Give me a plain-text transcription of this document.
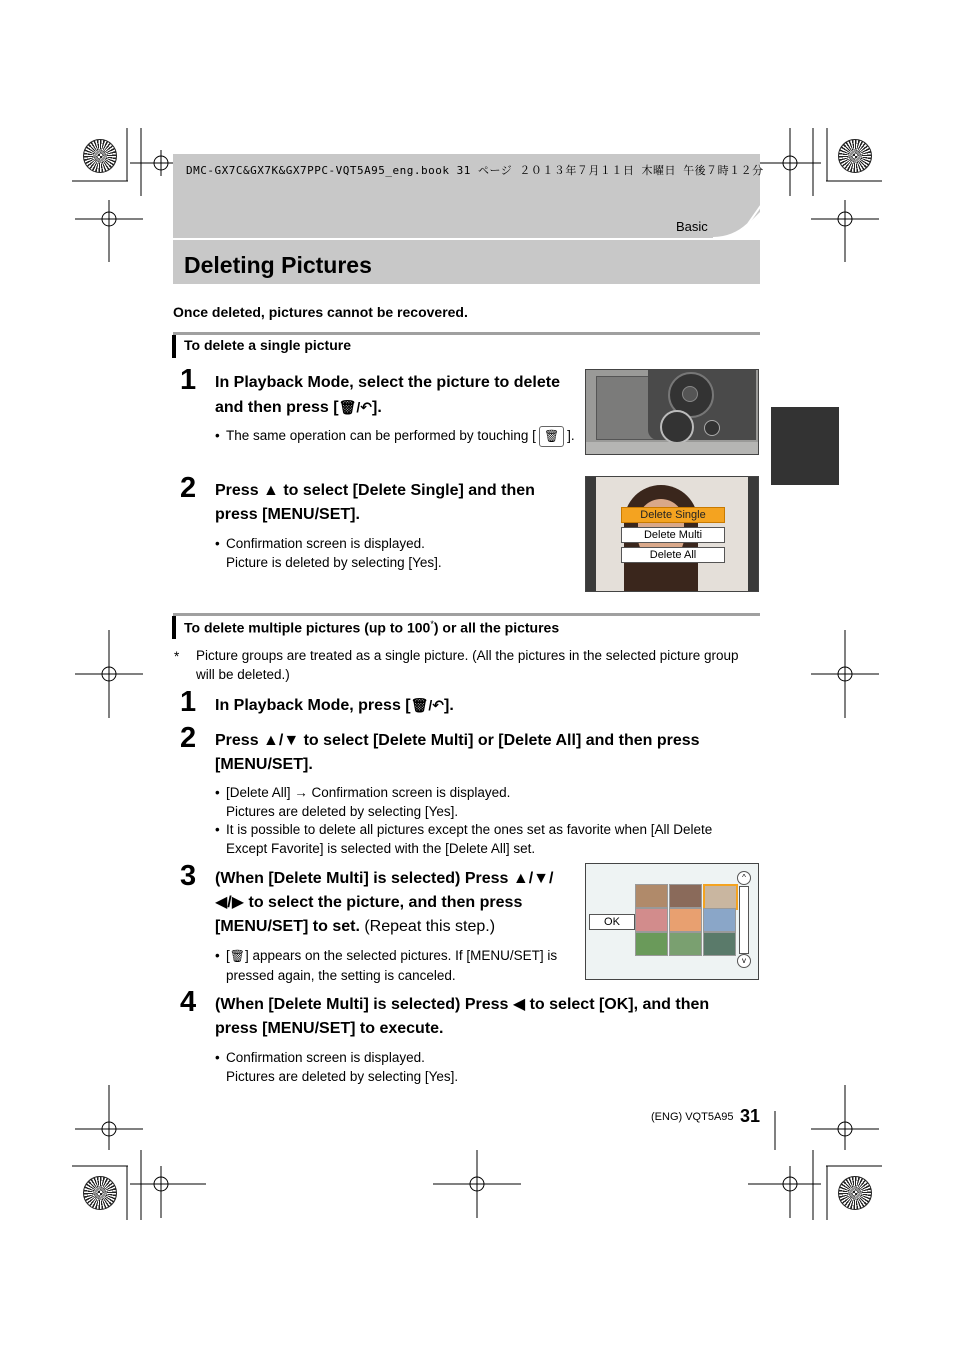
DMC-GX7C&GX7K&GX7PPC-VQT5A95_eng.book 31 ページ ２０１３年７月１１日 木曜日 午後７時１２分
Basic
Deleting Pictures
Once deleted, pictures cannot be recovered.
To delete a single picture
1 In Playback Mode, select the picture to delete
and then press [🗑/↶].
• The same operation can be performed by touching [ 🗑 ].
2 Press ▲ to select [Delete Single] and then
press [MENU/SET].
• Confirmation screen is displayed.
Picture is deleted by selecting [Yes].
Delete Single
Delete Multi
Delete All
To delete multiple pictures (up to 100*) or all the pictures
* Picture groups are treated as a single picture. (All the pictures in the selected picture group
will be deleted.)
1 In Playback Mode, press [🗑/↶].
2 Press ▲/▼ to select [Delete Multi] or [Delete All] and then press
[MENU/SET].
• [Delete All] → Confirmation screen is displayed.
Pictures are deleted by selecting [Yes].
• It is possible to delete all pictures except the ones set as favorite when [All Delete
Except Favorite] is selected with the [Delete All] set.
3 (When [Delete Multi] is selected) Press ▲/▼/
◀/▶ to select the picture, and then press
[MENU/SET] to set. (Repeat this step.)
• [🗑] appears on the selected pictures. If [MENU/SET] is
pressed again, the setting is canceled.
OK
^
v
4 (When [Delete Multi] is selected) Press ◀ to select [OK], and then
press [MENU/SET] to execute.
• Confirmation screen is displayed.
Pictures are deleted by selecting [Yes].
(ENG) VQT5A95 31
